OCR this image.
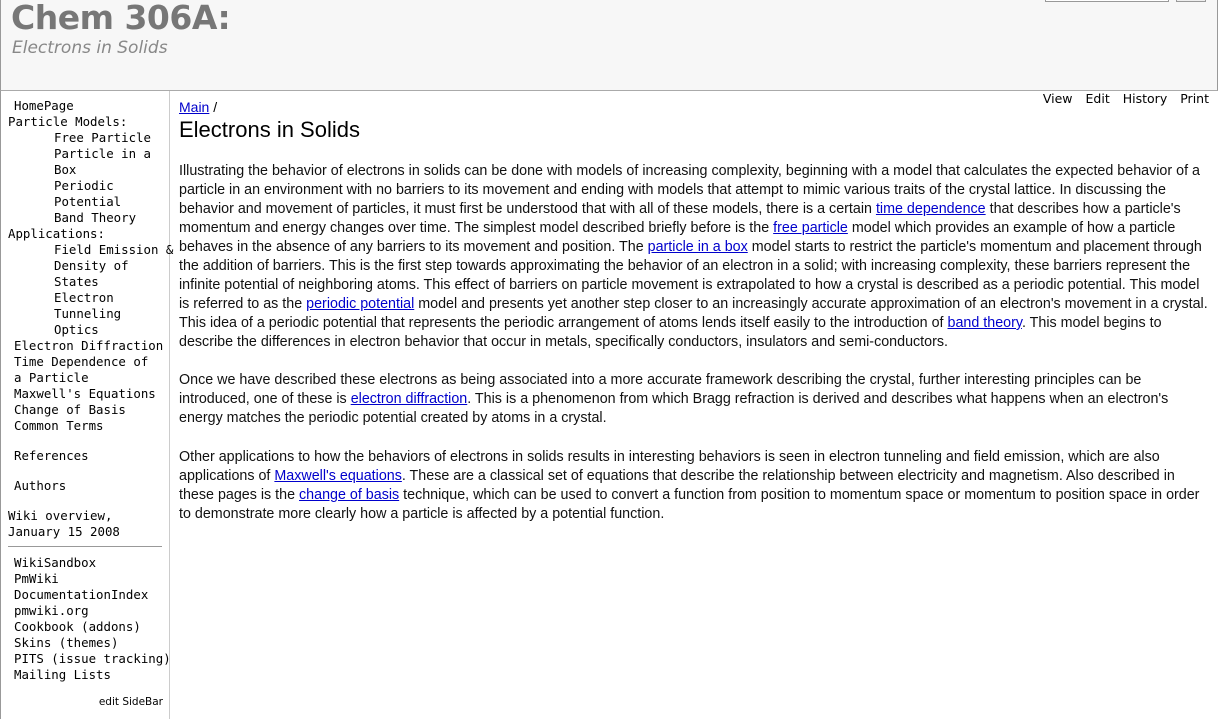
Chem 306A:
Electrons in Solids
HomePage
Particle Models:
Free Particle
Particle in a
Box
Periodic
Potential
Band Theory
Applications:
Field Emission &
Density of
States
Electron
Tunneling
Optics
Electron Diffraction
Time Dependence of
a Particle
Maxwell's Equations
Change of Basis
Common Terms
References
Authors
Wiki overview,
January 15 2008
WikiSandbox
PmWiki
DocumentationIndex
pmwiki.org
Cookbook (addons)
Skins (themes)
PITS (issue tracking)
Mailing Lists
edit SideBar
View Edit History Print
Main /
Electrons in Solids

Illustrating the behavior of electrons in solids can be done with models of increasing complexity, beginning with a model that calculates the expected behavior of a particle in an environment with no barriers to its movement and ending with models that attempt to mimic various traits of the crystal lattice. In discussing the behavior and movement of particles, it must first be understood that with all of these models, there is a certain time dependence that describes how a particle's momentum and energy changes over time. The simplest model described briefly before is the free particle model which provides an example of how a particle behaves in the absence of any barriers to its movement and position. The particle in a box model starts to restrict the particle's momentum and placement through the addition of barriers. This is the first step towards approximating the behavior of an electron in a solid; with increasing complexity, these barriers represent the infinite potential of neighboring atoms. This effect of barriers on particle movement is extrapolated to how a crystal is described as a periodic potential. This model is referred to as the periodic potential model and presents yet another step closer to an increasingly accurate approximation of an electron's movement in a crystal. This idea of a periodic potential that represents the periodic arrangement of atoms lends itself easily to the introduction of band theory. This model begins to describe the differences in electron behavior that occur in metals, specifically conductors, insulators and semi-conductors.

Once we have described these electrons as being associated into a more accurate framework describing the crystal, further interesting principles can be introduced, one of these is electron diffraction. This is a phenomenon from which Bragg refraction is derived and describes what happens when an electron's energy matches the periodic potential created by atoms in a crystal.

Other applications to how the behaviors of electrons in solids results in interesting behaviors is seen in electron tunneling and field emission, which are also applications of Maxwell's equations. These are a classical set of equations that describe the relationship between electricity and magnetism. Also described in these pages is the change of basis technique, which can be used to convert a function from position to momentum space or momentum to position space in order to demonstrate more clearly how a particle is affected by a potential function.
